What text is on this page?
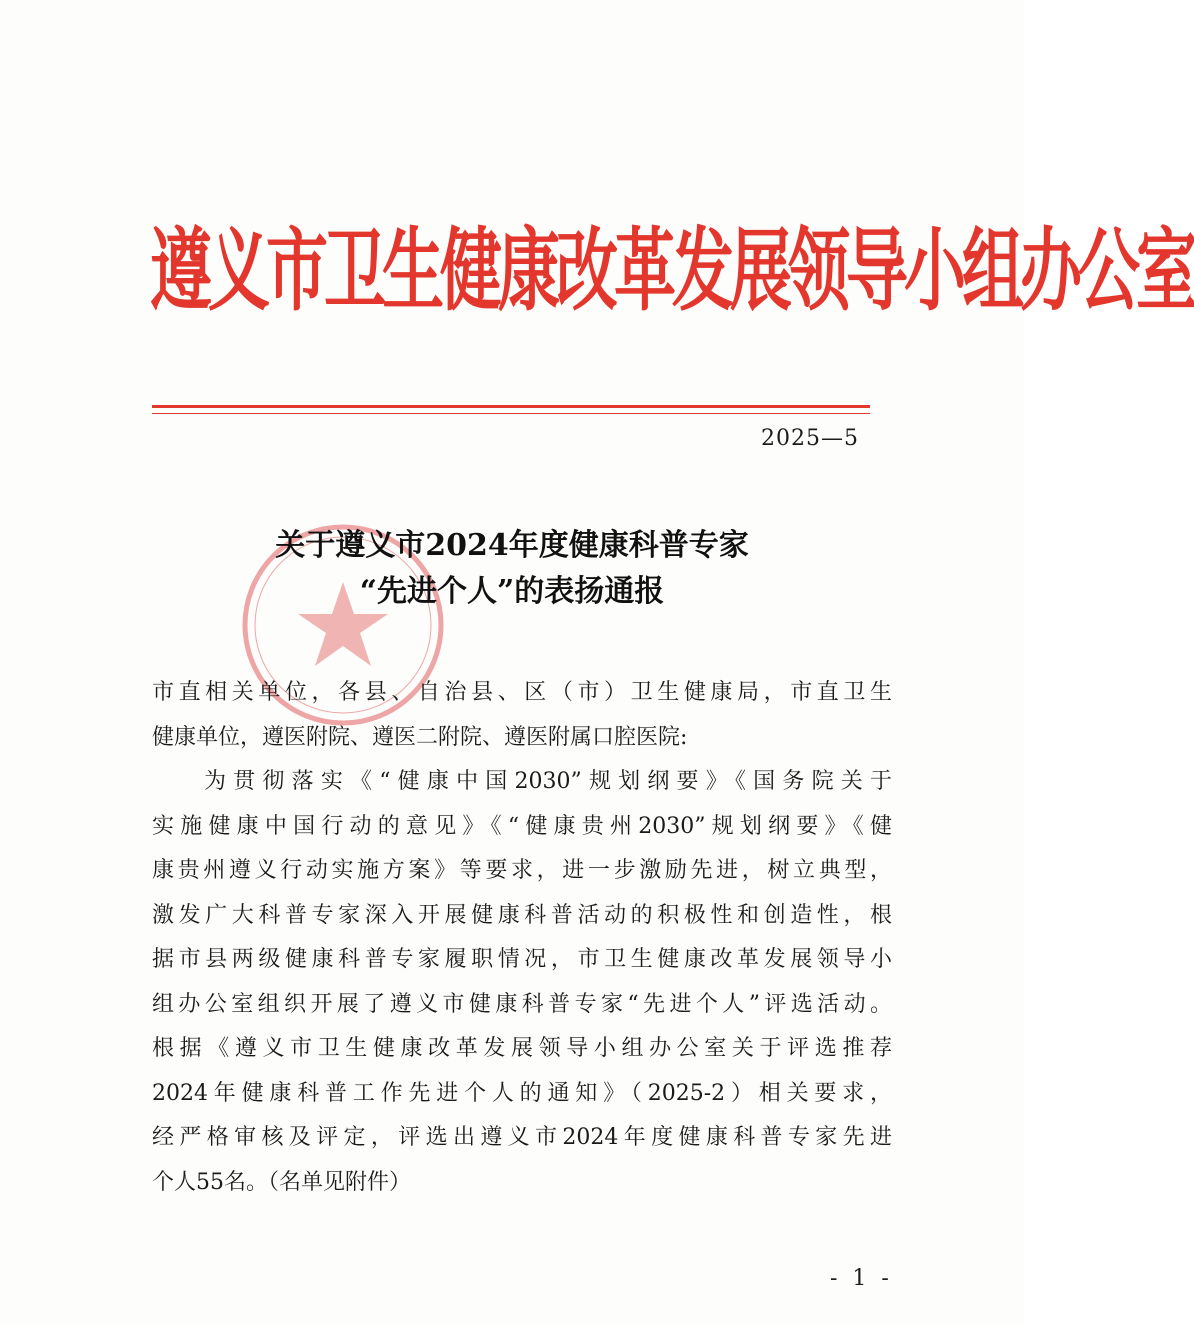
遵义市卫生健康改革发展领导小组办公室
2025—5
关于遵义市2024年度健康科普专家
“先进个人”的表扬通报
市直相关单位，各县、自治县、区（市）卫生健康局，市直卫生
健康单位，遵医附院、遵医二附院、遵医附属口腔医院:
为贯彻落实《“健康中国2030”规划纲要》《国务院关于
实施健康中国行动的意见》《“健康贵州2030”规划纲要》《健
康贵州遵义行动实施方案》等要求，进一步激励先进，树立典型，
激发广大科普专家深入开展健康科普活动的积极性和创造性，根
据市县两级健康科普专家履职情况，市卫生健康改革发展领导小
组办公室组织开展了遵义市健康科普专家“先进个人”评选活动。
根据《遵义市卫生健康改革发展领导小组办公室关于评选推荐
2024年健康科普工作先进个人的通知》（2025-2）相关要求，
经严格审核及评定，评选出遵义市2024年度健康科普专家先进
个人55名。（名单见附件）
- 1 -
